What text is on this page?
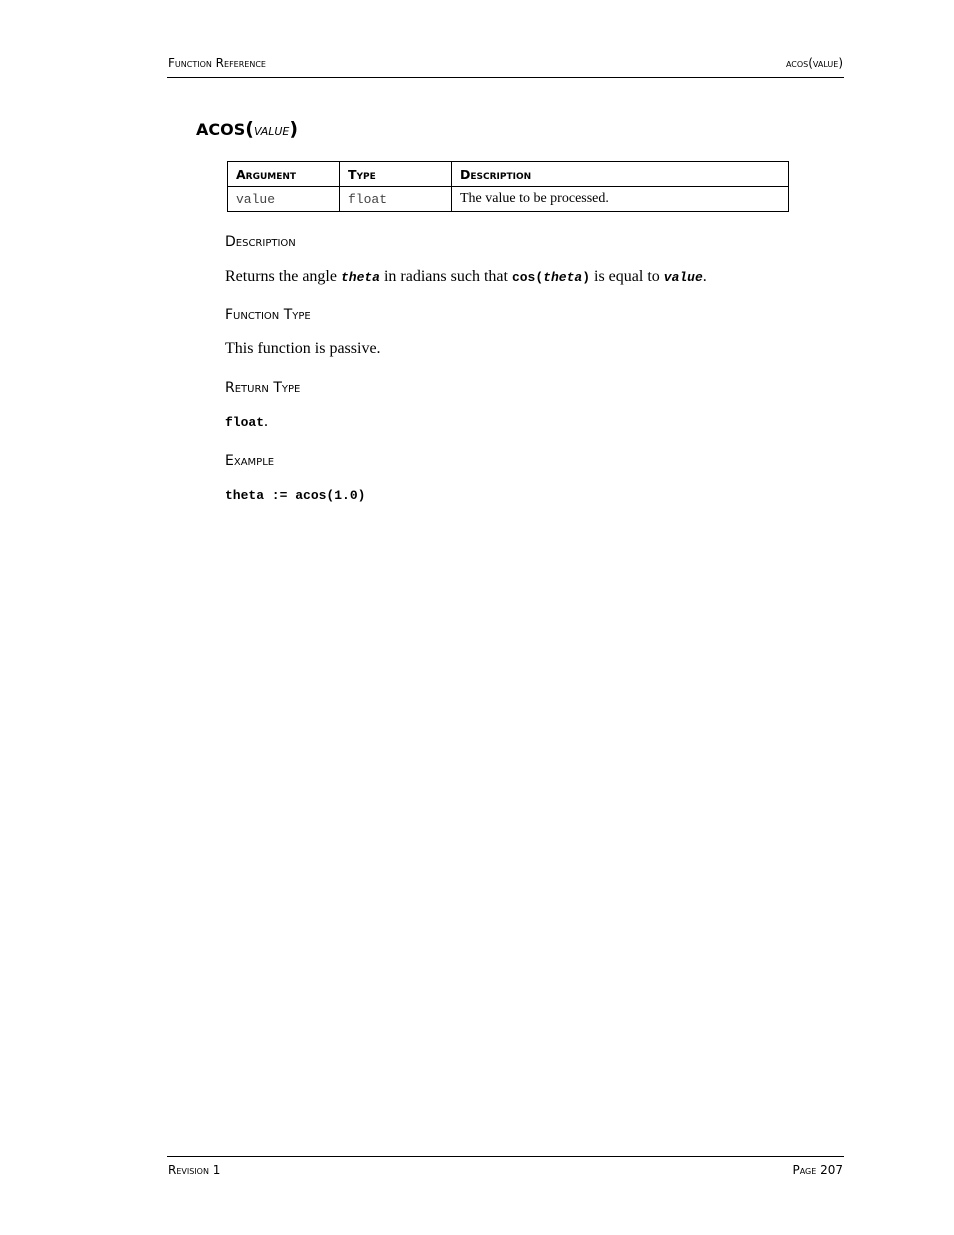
Function Reference	acos(value)
ACOS(value)
Argument	Type	Description
value	float	The value to be processed.
Description
Returns the angle theta in radians such that cos(theta) is equal to value.
Function Type
This function is passive.
Return Type
float.
Example
theta := acos(1.0)
Revision 1	Page 207
